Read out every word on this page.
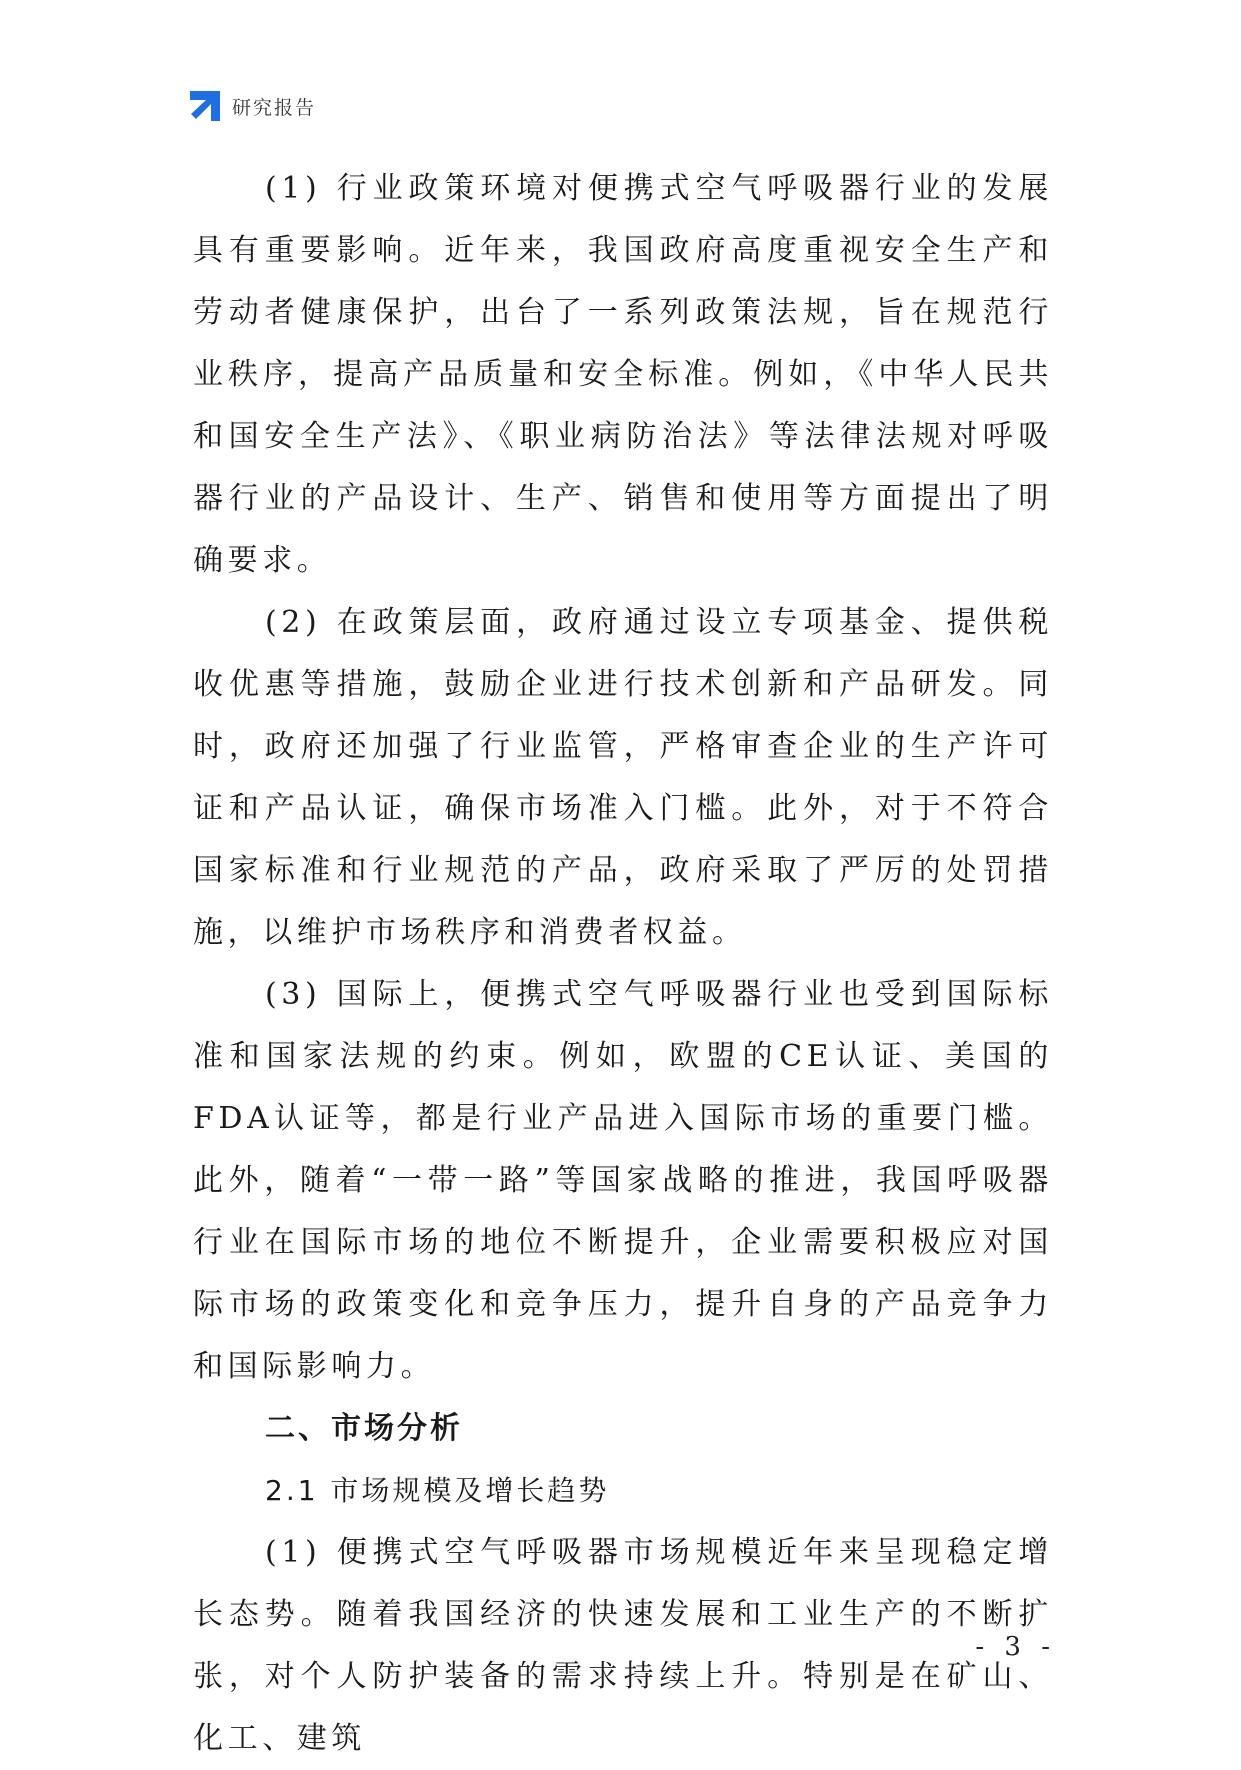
研究报告

(1) 行业政策环境对便携式空气呼吸器行业的发展具有重要影响。近年来，我国政府高度重视安全生产和劳动者健康保护，出台了一系列政策法规，旨在规范行业秩序，提高产品质量和安全标准。例如，《中华人民共和国安全生产法》、《职业病防治法》等法律法规对呼吸器行业的产品设计、生产、销售和使用等方面提出了明确要求。

(2) 在政策层面，政府通过设立专项基金、提供税收优惠等措施，鼓励企业进行技术创新和产品研发。同时，政府还加强了行业监管，严格审查企业的生产许可证和产品认证，确保市场准入门槛。此外，对于不符合国家标准和行业规范的产品，政府采取了严厉的处罚措施，以维护市场秩序和消费者权益。

(3) 国际上，便携式空气呼吸器行业也受到国际标准和国家法规的约束。例如，欧盟的CE认证、美国的FDA认证等，都是行业产品进入国际市场的重要门槛。此外，随着“一带一路”等国家战略的推进，我国呼吸器行业在国际市场的地位不断提升，企业需要积极应对国际市场的政策变化和竞争压力，提升自身的产品竞争力和国际影响力。

二、市场分析

2.1 市场规模及增长趋势

(1) 便携式空气呼吸器市场规模近年来呈现稳定增长态势。随着我国经济的快速发展和工业生产的不断扩张，对个人防护装备的需求持续上升。特别是在矿山、化工、建筑

- 3 -
